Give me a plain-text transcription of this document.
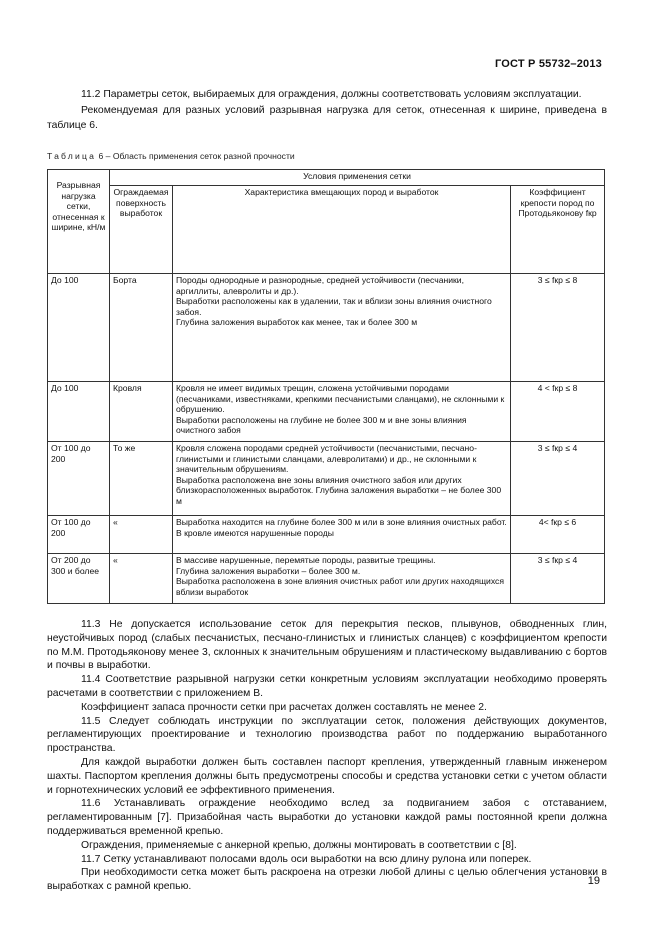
ГОСТ Р 55732–2013

11.2 Параметры сеток, выбираемых для ограждения, должны соответствовать условиям эксплуатации.

Рекомендуемая для разных условий разрывная нагрузка для сеток, отнесенная к ширине, приведена в таблице 6.

Таблица 6 – Область применения сеток разной прочности
Разрывная нагрузка сетки, отнесенная к ширине, кН/м	Условия применения сетки		
	Ограждаемая поверхность выработок	Характеристика вмещающих пород и выработок	Коэффициент крепости пород по Протодьяконову fкр
До 100	Борта	Породы однородные и разнородные, средней устойчивости (песчаники, аргиллиты, алевролиты и др.).
Выработки расположены как в удалении, так и вблизи зоны влияния очистного забоя.
Глубина заложения выработок как менее, так и более 300 м	3 ≤ fкр ≤ 8
До 100	Кровля	Кровля не имеет видимых трещин, сложена устойчивыми породами (песчаниками, известняками, крепкими песчанистыми сланцами), не склонными к обрушению.
Выработки расположены на глубине не более 300 м и вне зоны влияния очистного забоя	4 < fкр ≤ 8
От 100 до 200	То же	Кровля сложена породами средней устойчивости (песчанистыми, песчано-глинистыми и глинистыми сланцами, алевролитами) и др., не склонными к значительным обрушениям.
Выработка расположена вне зоны влияния очистного забоя или других близкорасположенных выработок. Глубина заложения выработки – не более 300 м	3 ≤ fкр ≤ 4
От 100 до 200	«	Выработка находится на глубине более 300 м или в зоне влияния очистных работ.
В кровле имеются нарушенные породы	4< fкр ≤ 6
От 200 до 300 и более	«	В массиве нарушенные, перемятые породы, развитые трещины.
Глубина заложения выработки – более 300 м.
Выработка расположена в зоне влияния очистных работ или других находящихся вблизи выработок	3 ≤ fкр ≤ 4

11.3 Не допускается использование сеток для перекрытия песков, плывунов, обводненных глин, неустойчивых пород (слабых песчанистых, песчано-глинистых и глинистых сланцев) с коэффициентом крепости по М.М. Протодьяконову менее 3, склонных к значительным обрушениям и пластическому выдавливанию с бортов и почвы в выработки.

11.4 Соответствие разрывной нагрузки сетки конкретным условиям эксплуатации необходимо проверять расчетами в соответствии с приложением В.

Коэффициент запаса прочности сетки при расчетах должен составлять не менее 2.

11.5 Следует соблюдать инструкции по эксплуатации сеток, положения действующих документов, регламентирующих проектирование и технологию производства работ по поддержанию выработанного пространства.

Для каждой выработки должен быть составлен паспорт крепления, утвержденный главным инженером шахты. Паспортом крепления должны быть предусмотрены способы и средства установки сетки с учетом области и горнотехнических условий ее эффективного применения.

11.6 Устанавливать ограждение необходимо вслед за подвиганием забоя с отставанием, регламентированным [7]. Призабойная часть выработки до установки каждой рамы постоянной крепи должна поддерживаться временной крепью.

Ограждения, применяемые с анкерной крепью, должны монтировать в соответствии с [8].

11.7 Сетку устанавливают полосами вдоль оси выработки на всю длину рулона или поперек.

При необходимости сетка может быть раскроена на отрезки любой длины с целью облегчения установки в выработках с рамной крепью.	19
